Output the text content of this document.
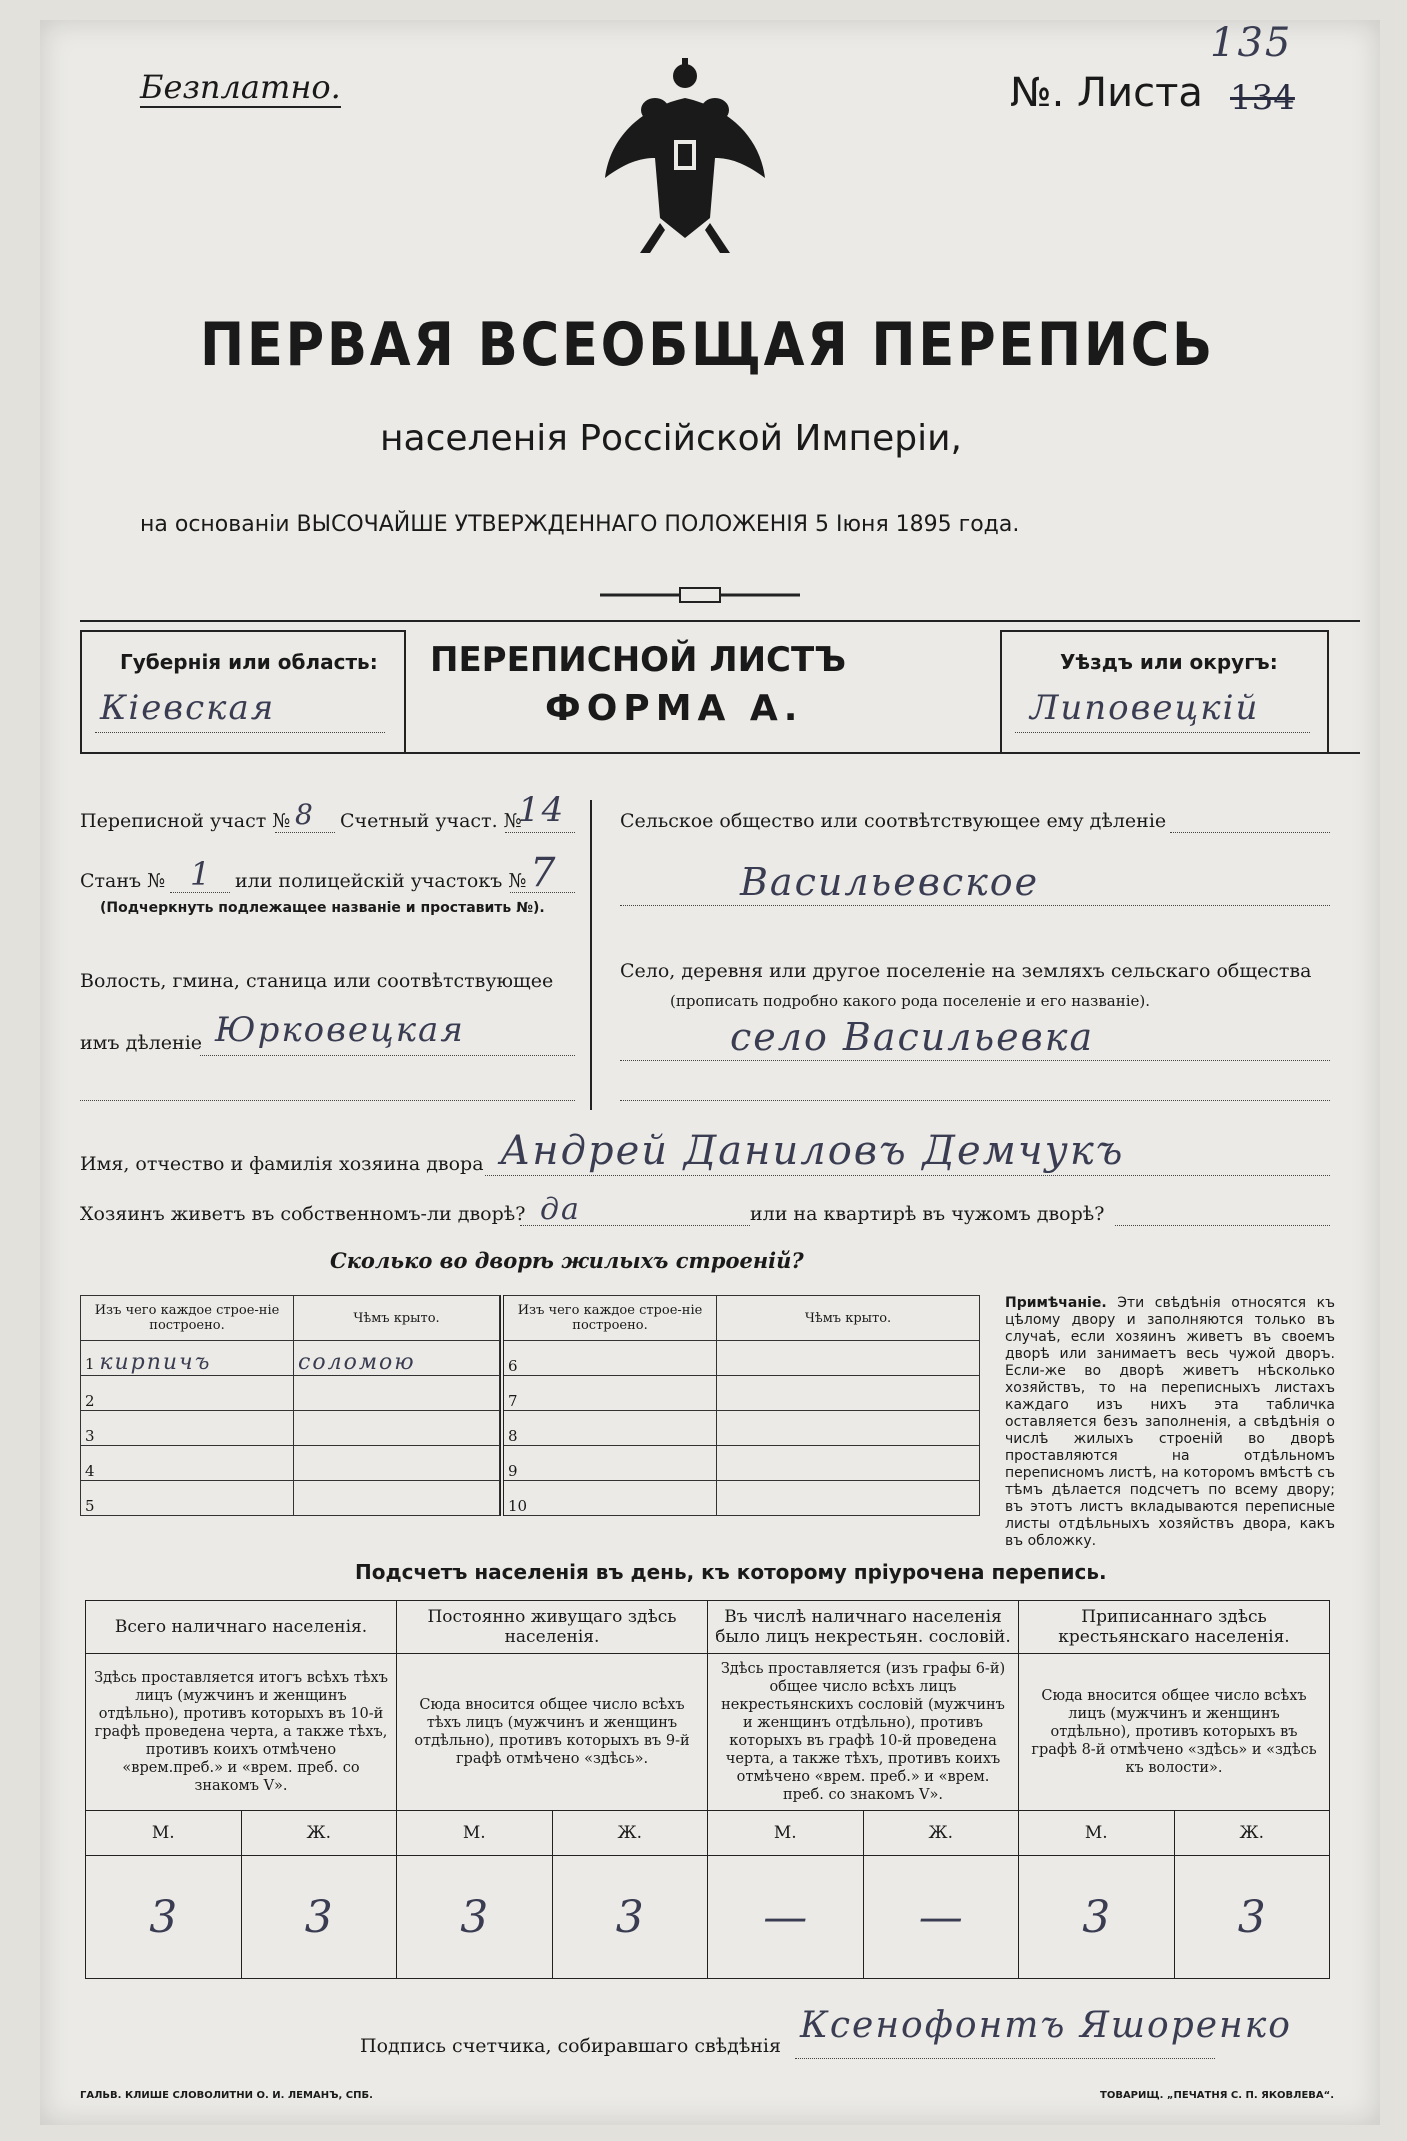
Безплатно.	№. Листа 134
135
ПЕРВАЯ ВСЕОБЩАЯ ПЕРЕПИСЬ
населенія Россійской Имперіи,
на основаніи ВЫСОЧАЙШЕ УТВЕРЖДЕННАГО ПОЛОЖЕНІЯ 5 Іюня 1895 года.
Губернія или область:
Кіевская
ПЕРЕПИСНОЙ ЛИСТЪ
ФОРМА А.
Уѣздъ или округъ:
Липовецкій
Переписной участ № 8 Счетный участ. №
14
Станъ № 1 или полицейскій участокъ № 7
(Подчеркнуть подлежащее названіе и проставить №).
Волость, гмина, станица или соотвѣтствующее
имъ дѣленіе Юрковецкая
Сельское общество или соотвѣтствующее ему дѣленіе
Васильевское
Село, деревня или другое поселеніе на земляхъ сельскаго общества
(прописать подробно какого рода поселеніе и его названіе).
село Васильевка
Имя, отчество и фамилія хозяина двора Андрей Даниловъ Демчукъ
Хозяинъ живетъ въ собственномъ-ли дворѣ? да	или на квартирѣ въ чужомъ дворѣ?
Сколько во дворѣ жилыхъ строеній?
Изъ чего каждое строе-ніе построено.	Чѣмъ крыто.
1 кирпичъ	соломою
2	
3	
4	
5	
Изъ чего каждое строе-ніе построено.	Чѣмъ крыто.
6	
7	
8	
9	
10	
Примѣчаніе. Эти свѣдѣнія относятся къ цѣлому двору и заполняются только въ случаѣ, если хозяинъ живетъ въ своемъ дворѣ или занимаетъ весь чужой дворъ. Если-же во дворѣ живетъ нѣсколько хозяйствъ, то на переписныхъ листахъ каждаго изъ нихъ эта табличка оставляется безъ заполненія, а свѣдѣнія о числѣ жилыхъ строеній во дворѣ проставляются на отдѣльномъ переписномъ листѣ, на которомъ вмѣстѣ съ тѣмъ дѣлается подсчетъ по всему двору; въ этотъ листъ вкладываются переписные листы отдѣльныхъ хозяйствъ двора, какъ въ обложку.
Подсчетъ населенія въ день, къ которому пріурочена перепись.
Всего наличнаго населенія.		Постоянно живущаго здѣсь населенія.		Въ числѣ наличнаго населенія было лицъ некрестьян. сословій.		Приписаннаго здѣсь крестьянскаго населенія.	
Здѣсь проставляется итогъ всѣхъ тѣхъ лицъ (мужчинъ и женщинъ отдѣльно), противъ которыхъ въ 10-й графѣ проведена черта, а также тѣхъ, противъ коихъ отмѣчено «врем.преб.» и «врем. преб. со знакомъ V».		Сюда вносится общее число всѣхъ тѣхъ лицъ (мужчинъ и женщинъ отдѣльно), противъ которыхъ въ 9-й графѣ отмѣчено «здѣсь».		Здѣсь проставляется (изъ графы 6-й) общее число всѣхъ лицъ некрестьянскихъ сословій (мужчинъ и женщинъ отдѣльно), противъ которыхъ въ графѣ 10-й проведена черта, а также тѣхъ, противъ коихъ отмѣчено «врем. преб.» и «врем. преб. со знакомъ V».		Сюда вносится общее число всѣхъ лицъ (мужчинъ и женщинъ отдѣльно), противъ которыхъ въ графѣ 8-й отмѣчено «здѣсь» и «здѣсь къ волости».	
М.	Ж.	М.	Ж.	М.	Ж.	М.	Ж.
3	3	3	3	—	—	3	3
Подпись счетчика, собиравшаго свѣдѣнія Ксенофонтъ Яшоренко
ГАЛЬВ. КЛИШЕ СЛОВОЛИТНИ О. И. ЛЕМАНЪ, СПБ.	ТОВАРИЩ. „ПЕЧАТНЯ С. П. ЯКОВЛЕВА“.
